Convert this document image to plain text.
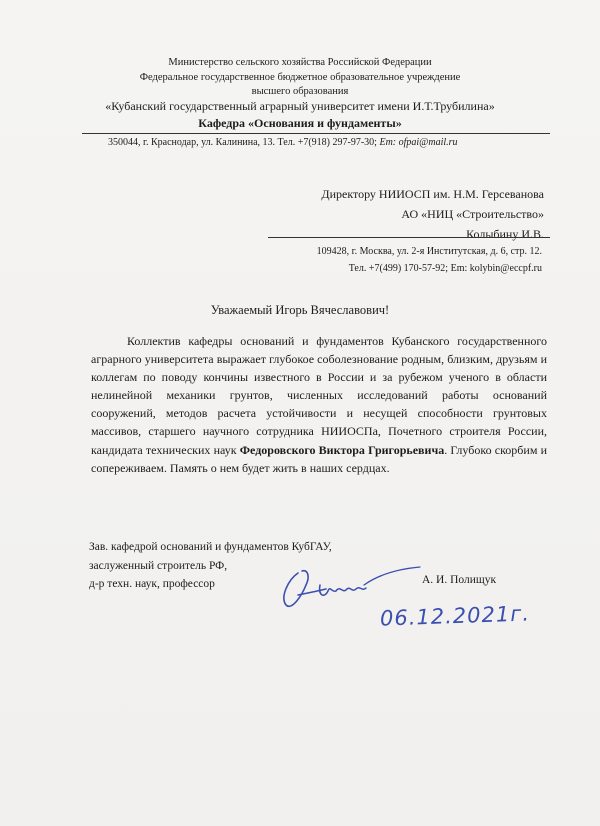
Министерство сельского хозяйства Российской Федерации
Федеральное государственное бюджетное образовательное учреждение
высшего образования
«Кубанский государственный аграрный университет имени И.Т.Трубилина»
Кафедра «Основания и фундаменты»
350044, г. Краснодар, ул. Калинина, 13. Тел. +7(918) 297-97-30; Em: ofpai@mail.ru
Директору НИИОСП им. Н.М. Герсеванова
АО «НИЦ «Строительство»
Колыбину И.В.
109428, г. Москва, ул. 2-я Институтская, д. 6, стр. 12.
Тел. +7(499) 170-57-92; Em: kolybin@eccpf.ru
Уважаемый Игорь Вячеславович!
Коллектив кафедры оснований и фундаментов Кубанского государственного аграрного университета выражает глубокое соболезнование родным, близким, друзьям и коллегам по поводу кончины известного в России и за рубежом ученого в области нелинейной механики грунтов, численных исследований работы оснований сооружений, методов расчета устойчивости и несущей способности грунтовых массивов, старшего научного сотрудника НИИОСПа, Почетного строителя России, кандидата технических наук Федоровского Виктора Григорьевича. Глубоко скорбим и сопереживаем. Память о нем будет жить в наших сердцах.
Зав. кафедрой оснований и фундаментов КубГАУ,
заслуженный строитель РФ,
д-р техн. наук, профессор	А. И. Полищук
06.12.2021г.
